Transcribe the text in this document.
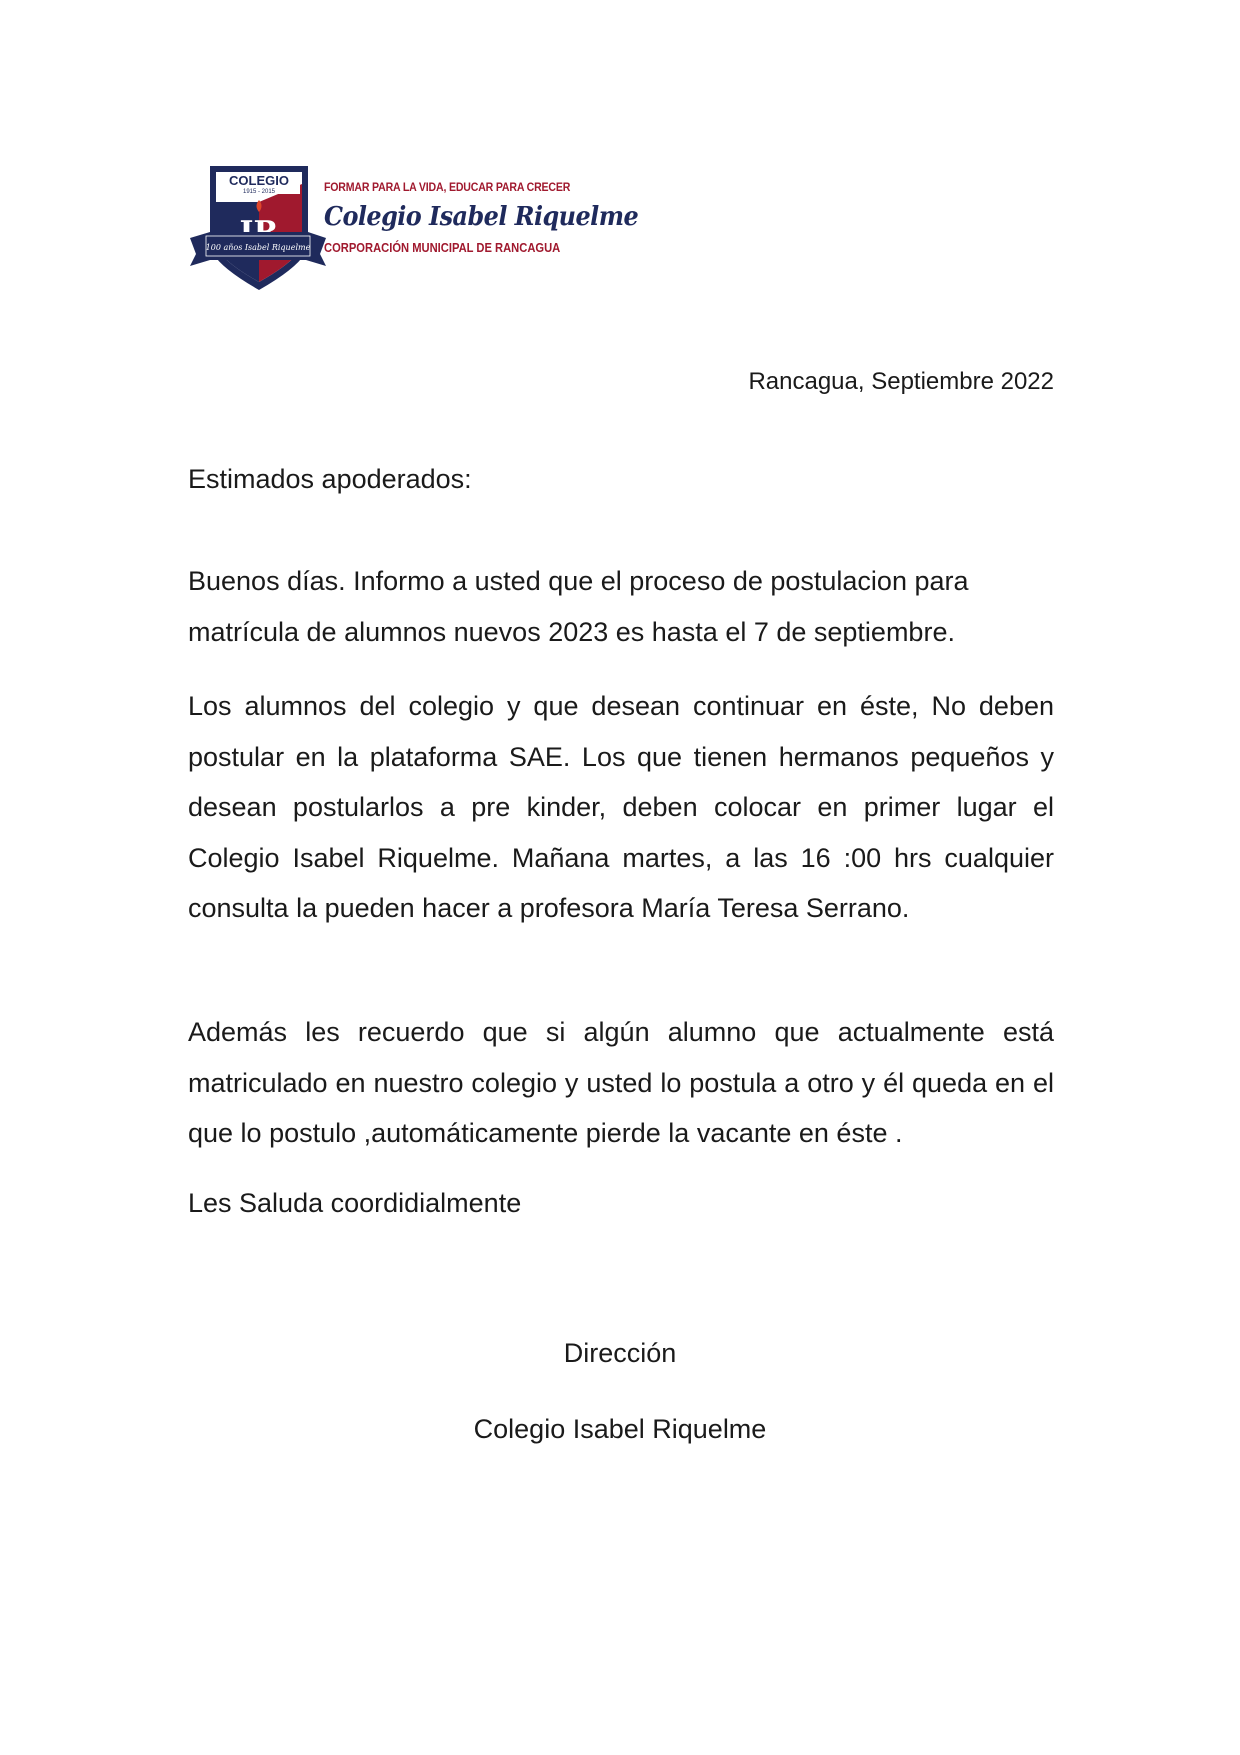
COLEGIO
1915 - 2015
100 años Isabel Riquelme
FORMAR PARA LA VIDA, EDUCAR PARA CRECER
Colegio Isabel Riquelme
CORPORACIÓN MUNICIPAL DE RANCAGUA
Rancagua, Septiembre 2022
Estimados apoderados:

Buenos días. Informo a usted que el proceso de postulacion para matrícula de alumnos nuevos 2023 es hasta el 7 de septiembre.

Los alumnos del colegio y que desean continuar en éste, No deben postular en la plataforma SAE. Los que tienen hermanos pequeños y desean postularlos a pre kinder, deben colocar en primer lugar el Colegio Isabel Riquelme. Mañana martes, a las 16 :00 hrs cualquier consulta la pueden hacer a profesora María Teresa Serrano.

Además les recuerdo que si algún alumno que actualmente está matriculado en nuestro colegio y usted lo postula a otro y él queda en el que lo postulo ,automáticamente pierde la vacante en éste .

Les Saluda coordidialmente
Dirección
Colegio Isabel Riquelme
